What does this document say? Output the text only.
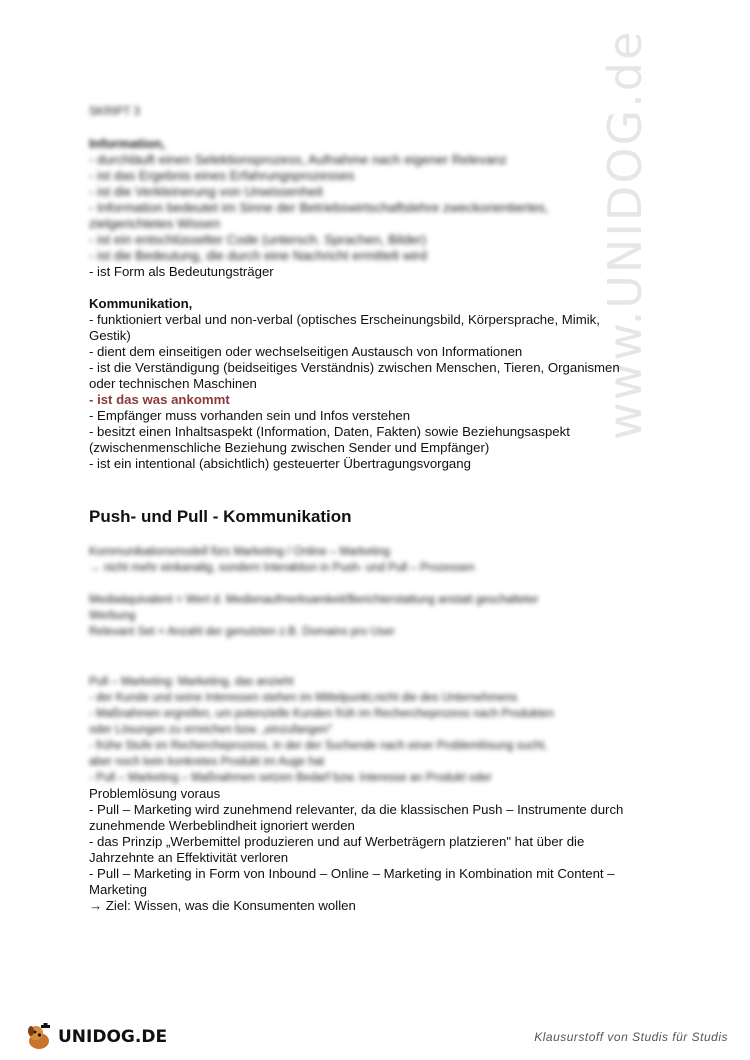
www.UNIDOG.de
SKRIPT 3
Information,
- durchläuft einen Selektionsprozess, Aufnahme nach eigener Relevanz
- ist das Ergebnis eines Erfahrungsprozesses
- ist die Verkleinerung von Unwissenheit
- Information bedeutet im Sinne der Betriebswirtschaftslehre zweckorientiertes,
zielgerichtetes Wissen
- ist ein entschlüsselter Code (untersch. Sprachen, Bilder)
- ist die Bedeutung, die durch eine Nachricht ermittelt wird
- ist Form als Bedeutungsträger
Kommunikation,
- funktioniert verbal und non-verbal (optisches Erscheinungsbild, Körpersprache, Mimik,
Gestik)
- dient dem einseitigen oder wechselseitigen Austausch von Informationen
- ist die Verständigung (beidseitiges Verständnis) zwischen Menschen, Tieren, Organismen
oder technischen Maschinen
- ist das was ankommt
- Empfänger muss vorhanden sein und Infos verstehen
- besitzt einen Inhaltsaspekt (Information, Daten, Fakten) sowie Beziehungsaspekt
(zwischenmenschliche Beziehung zwischen Sender und Empfänger)
- ist ein intentional (absichtlich) gesteuerter Übertragungsvorgang
Push- und Pull - Kommunikation
Kommunikationsmodell fürs Marketing / Online – Marketing
→ nicht mehr einkanalig, sondern Interaktion in Push- und Pull – Prozessen
Mediaäquivalent = Wert d. Medienaufmerksamkeit/Berichterstattung anstatt geschalteter
Werbung
Relevant Set = Anzahl der genutzten z.B. Domains pro User
Pull – Marketing: Marketing, das anzieht
- der Kunde und seine Interessen stehen im Mittelpunkt,nicht die des Unternehmens
- Maßnahmen ergreifen, um potenzielle Kunden früh im Rechercheprozess nach Produkten
oder Lösungen zu erreichen bzw. „einzufangen"
- frühe Stufe im Rechercheprozess, in der der Suchende nach einer Problemlösung sucht,
aber noch kein konkretes Produkt im Auge hat
- Pull – Marketing – Maßnahmen setzen Bedarf bzw. Interesse an Produkt oder
Problemlösung voraus
- Pull – Marketing wird zunehmend relevanter, da die klassischen Push – Instrumente durch
zunehmende Werbeblindheit ignoriert werden
- das Prinzip „Werbemittel produzieren und auf Werbeträgern platzieren" hat über die
Jahrzehnte an Effektivität verloren
- Pull – Marketing in Form von Inbound – Online – Marketing in Kombination mit Content –
Marketing
→ Ziel: Wissen, was die Konsumenten wollen
UNIDOG.DE	Klausurstoff von Studis für Studis
